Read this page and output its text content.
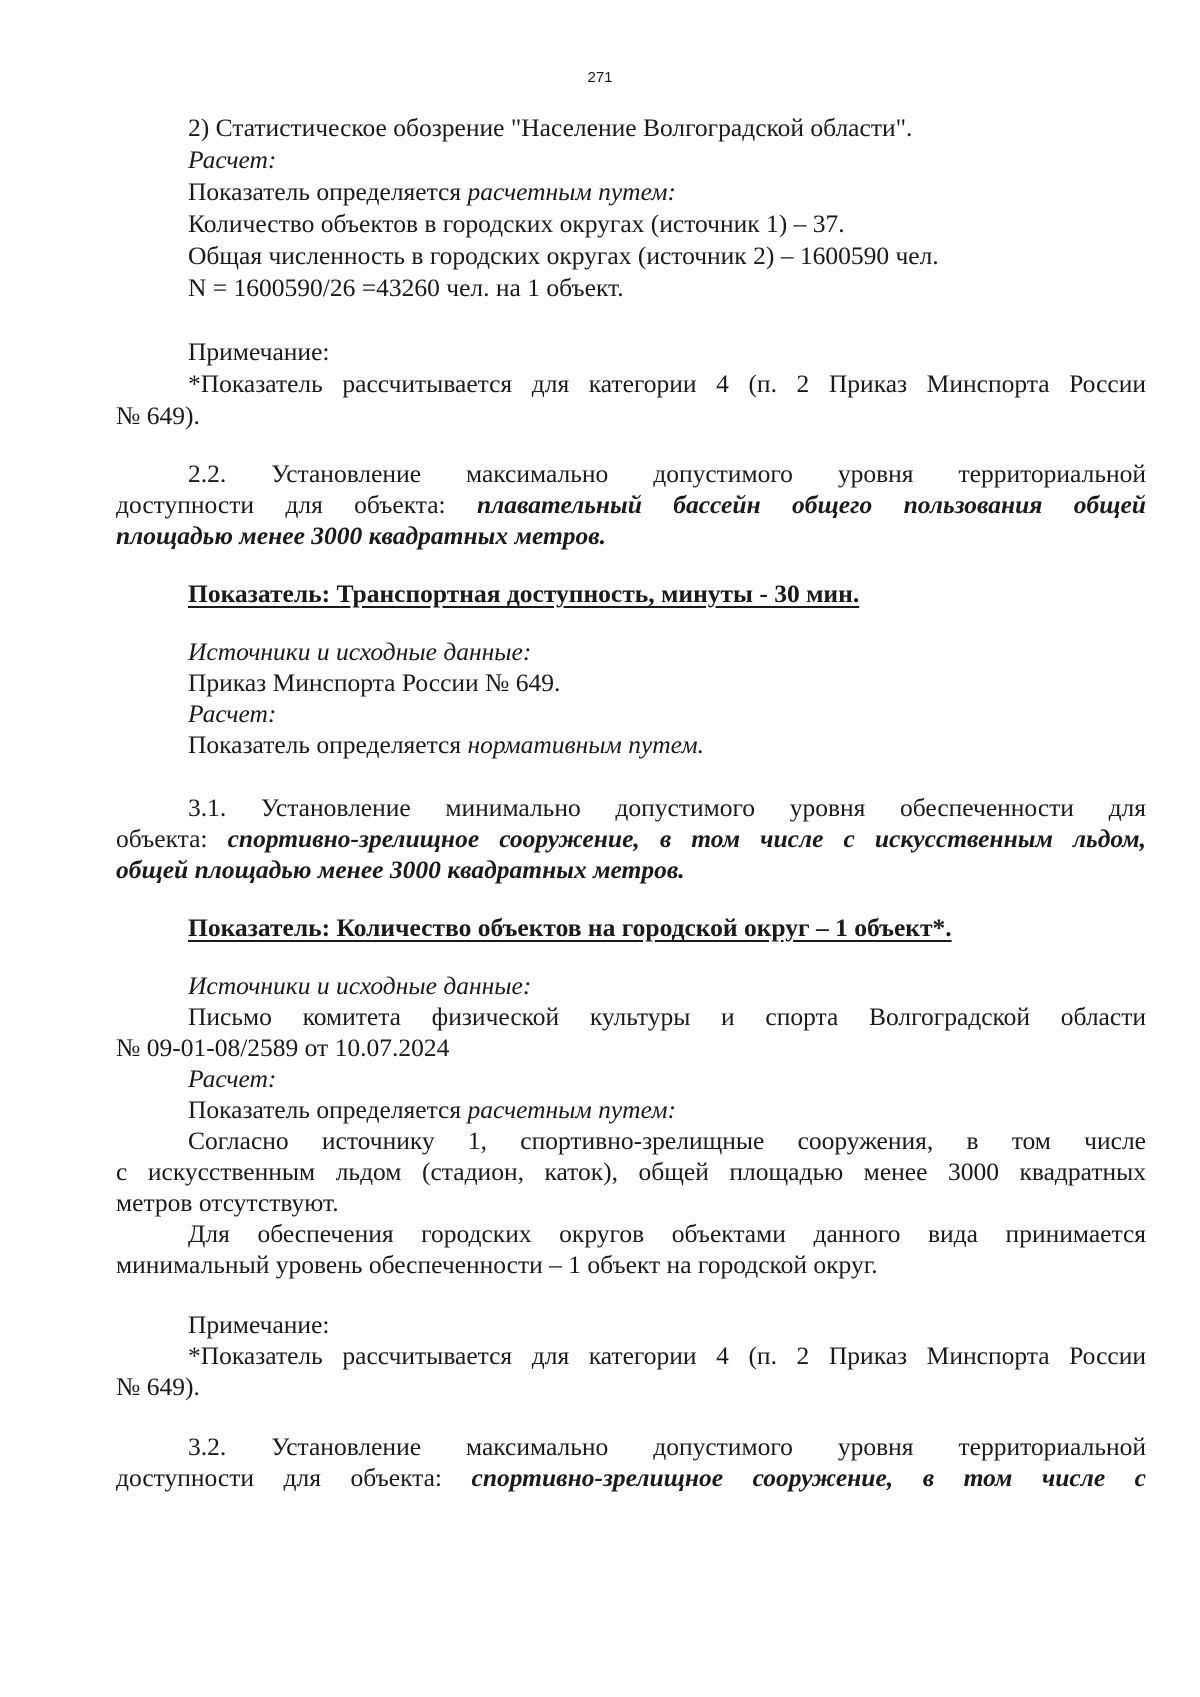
271
2) Статистическое обозрение "Население Волгоградской области".
Расчет:
Показатель определяется расчетным путем:
Количество объектов в городских округах (источник 1) – 37.
Общая численность в городских округах (источник 2) – 1600590 чел.
N = 1600590/26 =43260 чел. на 1 объект.
Примечание:
*Показатель рассчитывается для категории 4 (п. 2 Приказ Минспорта России
№ 649).
2.2. Установление максимально допустимого уровня территориальной
доступности для объекта: плавательный бассейн общего пользования общей
площадью менее 3000 квадратных метров.
Показатель: Транспортная доступность, минуты - 30 мин.
Источники и исходные данные:
Приказ Минспорта России № 649.
Расчет:
Показатель определяется нормативным путем.
3.1. Установление минимально допустимого уровня обеспеченности для
объекта: спортивно-зрелищное сооружение, в том числе с искусственным льдом,
общей площадью менее 3000 квадратных метров.
Показатель: Количество объектов на городской округ – 1 объект*.
Источники и исходные данные:
Письмо комитета физической культуры и спорта Волгоградской области
№ 09-01-08/2589 от 10.07.2024
Расчет:
Показатель определяется расчетным путем:
Согласно источнику 1, спортивно-зрелищные сооружения, в том числе
с искусственным льдом (стадион, каток), общей площадью менее 3000 квадратных
метров отсутствуют.
Для обеспечения городских округов объектами данного вида принимается
минимальный уровень обеспеченности – 1 объект на городской округ.
Примечание:
*Показатель рассчитывается для категории 4 (п. 2 Приказ Минспорта России
№ 649).
3.2. Установление максимально допустимого уровня территориальной
доступности для объекта: спортивно-зрелищное сооружение, в том числе с
